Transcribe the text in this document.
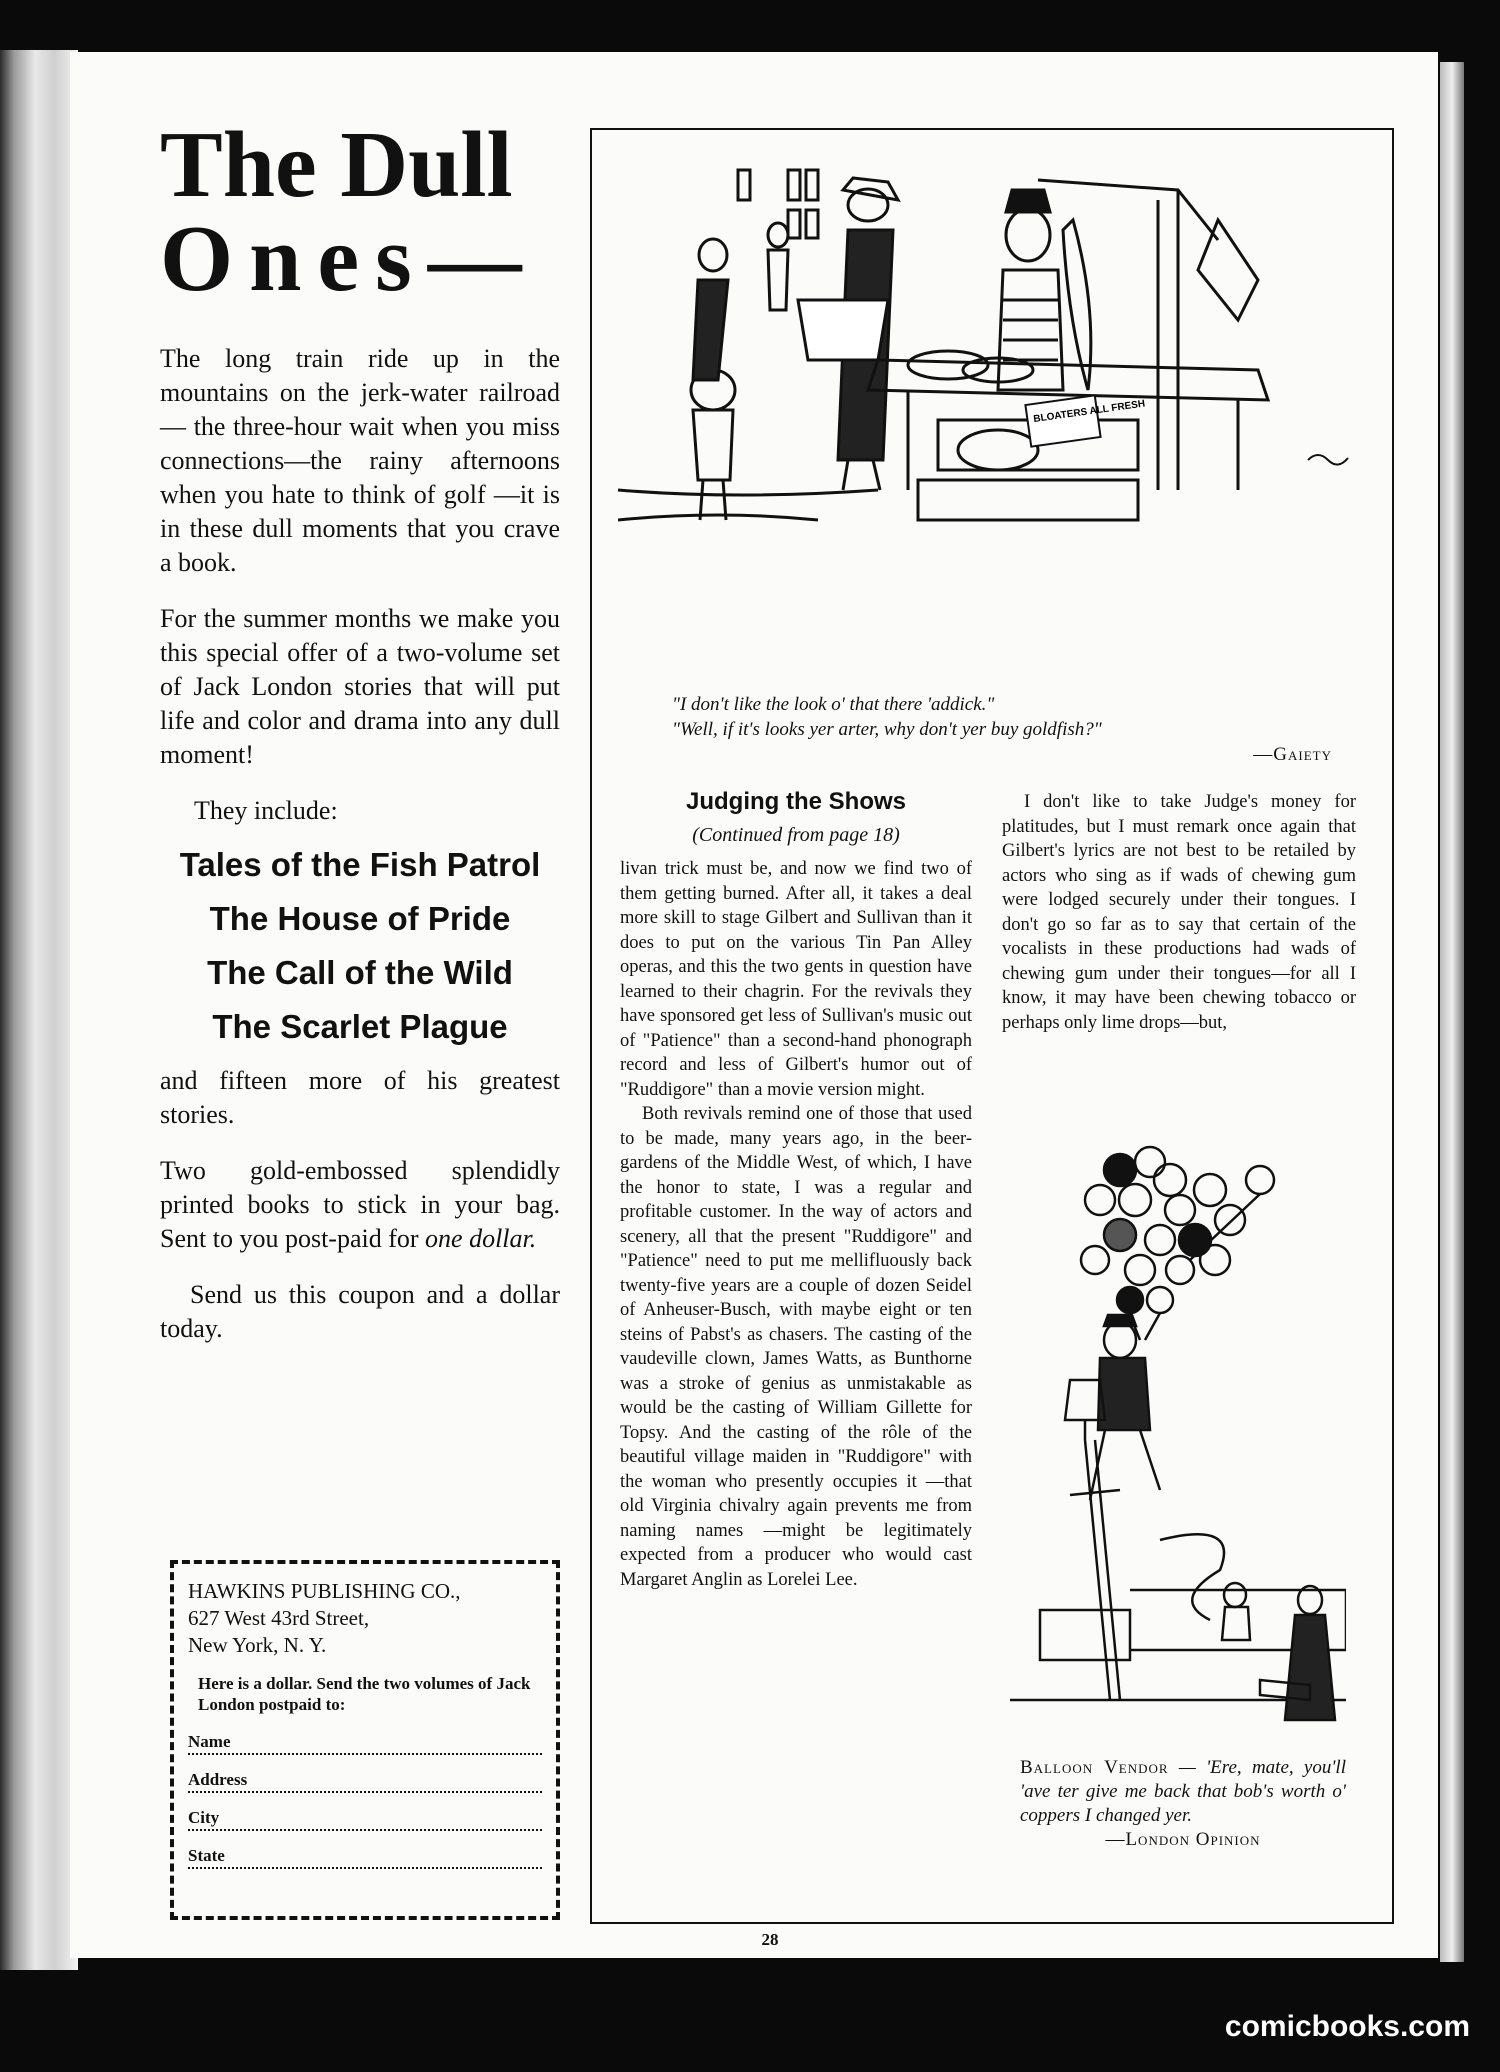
The Dull
Ones—

The long train ride up in the mountains on the jerk-water railroad — the three-hour wait when you miss connections—the rainy afternoons when you hate to think of golf —it is in these dull moments that you crave a book.

For the summer months we make you this special offer of a two-volume set of Jack London stories that will put life and color and drama into any dull moment!

They include:

Tales of the Fish Patrol
The House of Pride
The Call of the Wild
The Scarlet Plague

and fifteen more of his greatest stories.

Two gold-embossed splendidly printed books to stick in your bag. Sent to you post-paid for one dollar.

Send us this coupon and a dollar today.

HAWKINS PUBLISHING CO.,
627 West 43rd Street,
New York, N. Y.
Here is a dollar. Send the two volumes of Jack London postpaid to:
Name
Address
City
State
BLOATERS ALL FRESH
"I don't like the look o' that there 'addick."
"Well, if it's looks yer arter, why don't yer buy goldfish?"
—Gaiety
Judging the Shows
(Continued from page 18)
livan trick must be, and now we find two of them getting burned. After all, it takes a deal more skill to stage Gilbert and Sullivan than it does to put on the various Tin Pan Alley operas, and this the two gents in question have learned to their chagrin. For the revivals they have sponsored get less of Sullivan's music out of "Patience" than a second-hand phonograph record and less of Gilbert's humor out of "Ruddigore" than a movie version might.
Both revivals remind one of those that used to be made, many years ago, in the beer-gardens of the Middle West, of which, I have the honor to state, I was a regular and profitable customer. In the way of actors and scenery, all that the present "Ruddigore" and "Patience" need to put me mellifluously back twenty-five years are a couple of dozen Seidel of Anheuser-Busch, with maybe eight or ten steins of Pabst's as chasers. The casting of the vaudeville clown, James Watts, as Bunthorne was a stroke of genius as unmistakable as would be the casting of William Gillette for Topsy. And the casting of the rôle of the beautiful village maiden in "Ruddigore" with the woman who presently occupies it —that old Virginia chivalry again prevents me from naming names —might be legitimately expected from a producer who would cast Margaret Anglin as Lorelei Lee.
I don't like to take Judge's money for platitudes, but I must remark once again that Gilbert's lyrics are not best to be retailed by actors who sing as if wads of chewing gum were lodged securely under their tongues. I don't go so far as to say that certain of the vocalists in these productions had wads of chewing gum under their tongues—for all I know, it may have been chewing tobacco or perhaps only lime drops—but,
Balloon Vendor — 'Ere, mate, you'll 'ave ter give me back that bob's worth o' coppers I changed yer.
—London Opinion
28
comicbooks.com
